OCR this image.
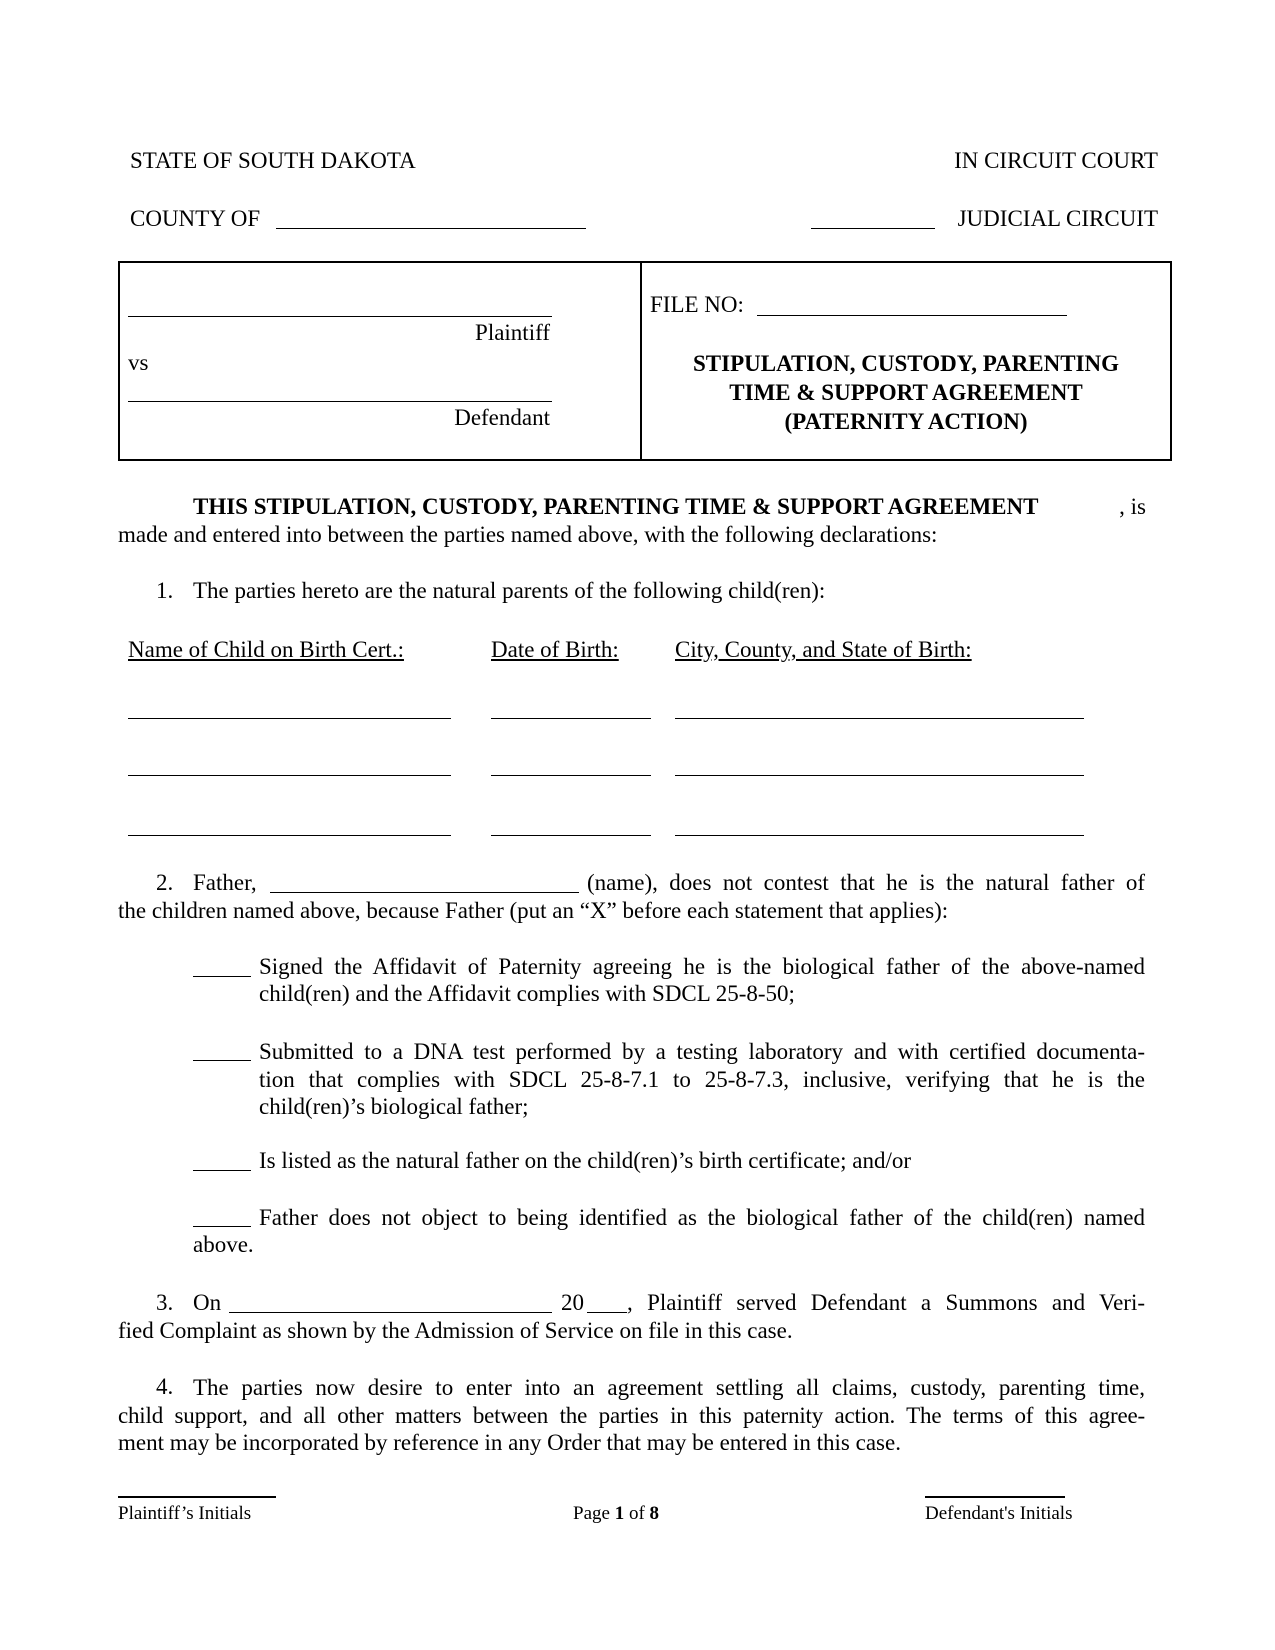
STATE OF SOUTH DAKOTA	IN CIRCUIT COURT
COUNTY OF	JUDICIAL CIRCUIT
Plaintiff
vs
Defendant
FILE NO:
STIPULATION, CUSTODY, PARENTING
TIME & SUPPORT AGREEMENT
(PATERNITY ACTION)
THIS STIPULATION, CUSTODY, PARENTING TIME & SUPPORT AGREEMENT	, is
made and entered into between the parties named above, with the following declarations:
1. The parties hereto are the natural parents of the following child(ren):
Name of Child on Birth Cert.:	Date of Birth: City, County, and State of Birth:
2. Father,	(name), does not contest that he is the natural father of
the children named above, because Father (put an “X” before each statement that applies):
Signed the Affidavit of Paternity agreeing he is the biological father of the above-named
child(ren) and the Affidavit complies with SDCL 25-8-50;
Submitted to a DNA test performed by a testing laboratory and with certified documenta-
tion that complies with SDCL 25-8-7.1 to 25-8-7.3, inclusive, verifying that he is the
child(ren)’s biological father;
Is listed as the natural father on the child(ren)’s birth certificate; and/or
Father does not object to being identified as the biological father of the child(ren) named
above.
3. On	20 , Plaintiff served Defendant a Summons and Veri-
fied Complaint as shown by the Admission of Service on file in this case.
4. The parties now desire to enter into an agreement settling all claims, custody, parenting time,
child support, and all other matters between the parties in this paternity action. The terms of this agree-
ment may be incorporated by reference in any Order that may be entered in this case.
Plaintiff’s Initials	Page 1 of 8	Defendant's Initials
